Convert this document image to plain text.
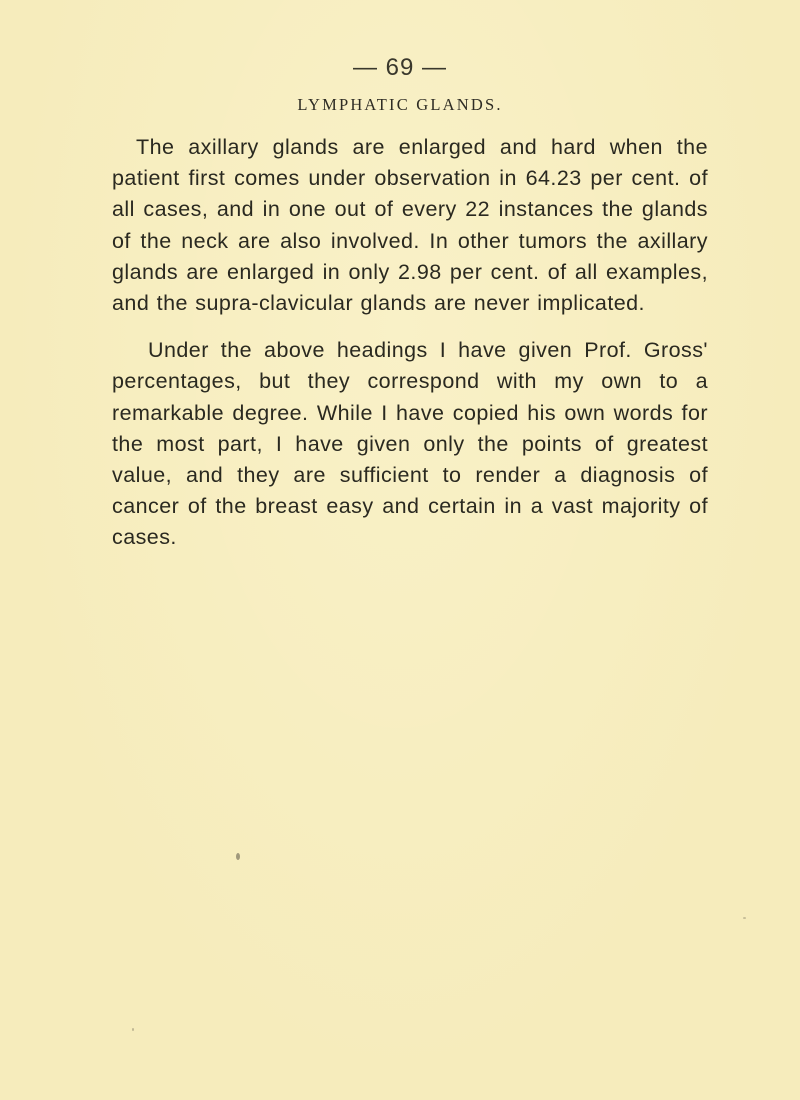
— 69 —
LYMPHATIC GLANDS.

The axillary glands are enlarged and hard when the patient first comes under observation in 64.23 per cent. of all cases, and in one out of every 22 instances the glands of the neck are also involved. In other tumors the axillary glands are enlarged in only 2.98 per cent. of all examples, and the supra-clavicular glands are never implicated.

Under the above headings I have given Prof. Gross' percentages, but they correspond with my own to a remarkable degree. While I have copied his own words for the most part, I have given only the points of greatest value, and they are sufficient to render a diagnosis of cancer of the breast easy and certain in a vast majority of cases.
